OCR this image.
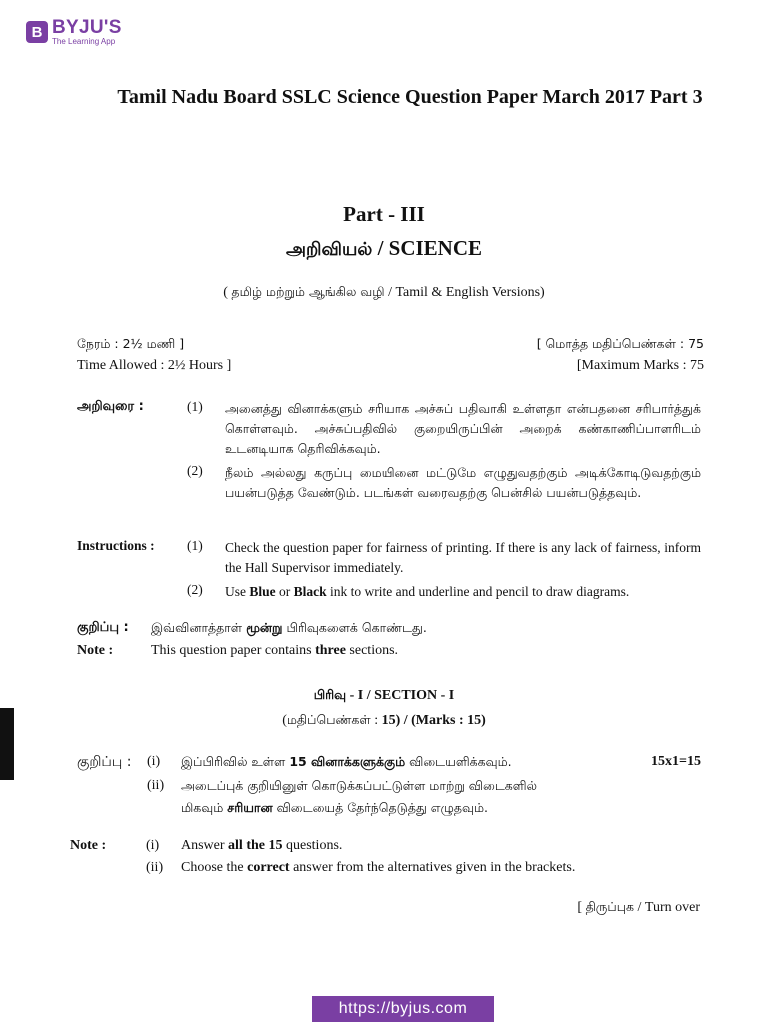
B BYJU'S
The Learning App
Tamil Nadu Board SSLC Science Question Paper March 2017 Part 3
Part - III
அறிவியல் / SCIENCE
( தமிழ் மற்றும் ஆங்கில வழி / Tamil & English Versions)
நேரம் : 2½ மணி ]	[ மொத்த மதிப்பெண்கள் : 75
Time Allowed : 2½ Hours ]	[Maximum Marks : 75
அறிவுரை :	(1)	அனைத்து வினாக்களும் சரியாக அச்சுப் பதிவாகி உள்ளதா என்பதனை சரிபார்த்துக் கொள்ளவும். அச்சுப்பதிவில் குறையிருப்பின் அறைக் கண்காணிப்பாளரிடம் உடனடியாக தெரிவிக்கவும்.
(2)	நீலம் அல்லது கருப்பு மையினை மட்டுமே எழுதுவதற்கும் அடிக்கோடிடுவதற்கும் பயன்படுத்த வேண்டும். படங்கள் வரைவதற்கு பென்சில் பயன்படுத்தவும்.
Instructions :	(1)	Check the question paper for fairness of printing. If there is any lack of fairness, inform the Hall Supervisor immediately.
(2)	Use Blue or Black ink to write and underline and pencil to draw diagrams.
குறிப்பு :	இவ்வினாத்தாள் மூன்று பிரிவுகளைக் கொண்டது.
Note :	This question paper contains three sections.
பிரிவு - I / SECTION - I
(மதிப்பெண்கள் : 15) / (Marks : 15)
குறிப்பு :	(i)	இப்பிரிவில் உள்ள 15 வினாக்களுக்கும் விடையளிக்கவும்.	15x1=15
(ii)	அடைப்புக் குறியினுள் கொடுக்கப்பட்டுள்ள மாற்று விடைகளில்
மிகவும் சரியான விடையைத் தேர்ந்தெடுத்து எழுதவும்.
Note :	(i)	Answer all the 15 questions.
(ii)	Choose the correct answer from the alternatives given in the brackets.
[ திருப்புக / Turn over
https://byjus.com
